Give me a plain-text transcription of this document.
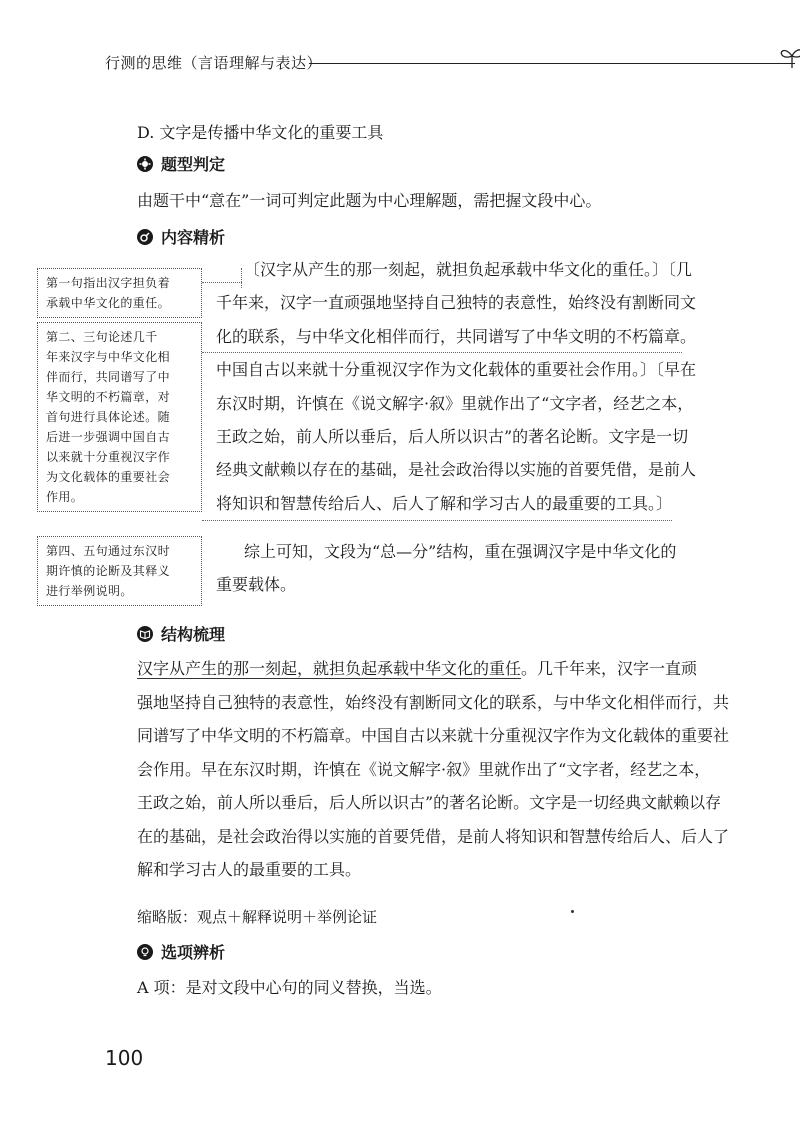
行测的思维（言语理解与表达）
D. 文字是传播中华文化的重要工具
题型判定
由题干中“意在”一词可判定此题为中心理解题，需把握文段中心。
内容精析
第一句指出汉字担负着
承载中华文化的重任。
第二、三句论述几千
年来汉字与中华文化相
伴而行，共同谱写了中
华文明的不朽篇章，对
首句进行具体论述。随
后进一步强调中国自古
以来就十分重视汉字作
为文化载体的重要社会
作用。
第四、五句通过东汉时
期许慎的论断及其释义
进行举例说明。
〔汉字从产生的那一刻起，就担负起承载中华文化的重任。〕〔几
千年来，汉字一直顽强地坚持自己独特的表意性，始终没有割断同文
化的联系，与中华文化相伴而行，共同谱写了中华文明的不朽篇章。
中国自古以来就十分重视汉字作为文化载体的重要社会作用。〕〔早在
东汉时期，许慎在《说文解字·叙》里就作出了“文字者，经艺之本，
王政之始，前人所以垂后，后人所以识古”的著名论断。文字是一切
经典文献赖以存在的基础，是社会政治得以实施的首要凭借，是前人
将知识和智慧传给后人、后人了解和学习古人的最重要的工具。〕
综上可知，文段为“总—分”结构，重在强调汉字是中华文化的
重要载体。
结构梳理
汉字从产生的那一刻起，就担负起承载中华文化的重任。几千年来，汉字一直顽
强地坚持自己独特的表意性，始终没有割断同文化的联系，与中华文化相伴而行，共
同谱写了中华文明的不朽篇章。中国自古以来就十分重视汉字作为文化载体的重要社
会作用。早在东汉时期，许慎在《说文解字·叙》里就作出了“文字者，经艺之本，
王政之始，前人所以垂后，后人所以识古”的著名论断。文字是一切经典文献赖以存
在的基础，是社会政治得以实施的首要凭借，是前人将知识和智慧传给后人、后人了
解和学习古人的最重要的工具。
缩略版：观点＋解释说明＋举例论证
选项辨析
A 项：是对文段中心句的同义替换，当选。
100
